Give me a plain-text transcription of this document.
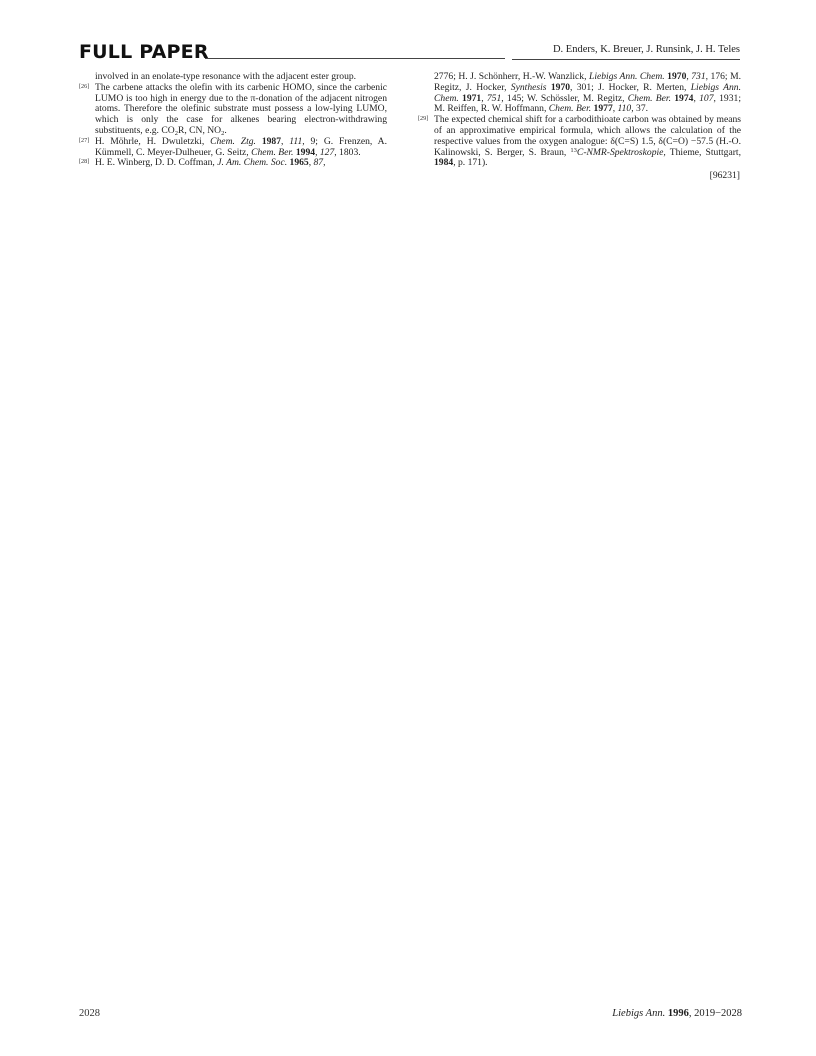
FULL PAPER	D. Enders, K. Breuer, J. Runsink, J. H. Teles

involved in an enolate-type resonance with the adjacent ester group.

[26] The carbene attacks the olefin with its carbenic HOMO, since the carbenic LUMO is too high in energy due to the π-donation of the adjacent nitrogen atoms. Therefore the olefinic substrate must possess a low-lying LUMO, which is only the case for alkenes bearing electron-withdrawing substituents, e.g. $CO_2R$, CN, $NO_2$.

[27] H. Möhrle, H. Dwuletzki, Chem. Ztg. 1987, 111, 9; G. Frenzen, A. Kümmell, C. Meyer-Dulheuer, G. Seitz, Chem. Ber. 1994, 127, 1803.

[28] H. E. Winberg, D. D. Coffman, J. Am. Chem. Soc. 1965, 87,

2776; H. J. Schönherr, H.-W. Wanzlick, Liebigs Ann. Chem. 1970, 731, 176; M. Regitz, J. Hocker, Synthesis 1970, 301; J. Hocker, R. Merten, Liebigs Ann. Chem. 1971, 751, 145; W. Schössler, M. Regitz, Chem. Ber. 1974, 107, 1931; M. Reiffen, R. W. Hoffmann, Chem. Ber. 1977, 110, 37.

[29] The expected chemical shift for a carbodithioate carbon was obtained by means of an approximative empirical formula, which allows the calculation of the respective values from the oxygen analogue: δ(C=S) 1.5, δ(C=O) −57.5 (H.-O. Kalinowski, S. Berger, S. Braun, $^{13}$C-NMR-Spektroskopie, Thieme, Stuttgart, 1984, p. 171).

[96231]
2028	Liebigs Ann. 1996, 2019−2028
